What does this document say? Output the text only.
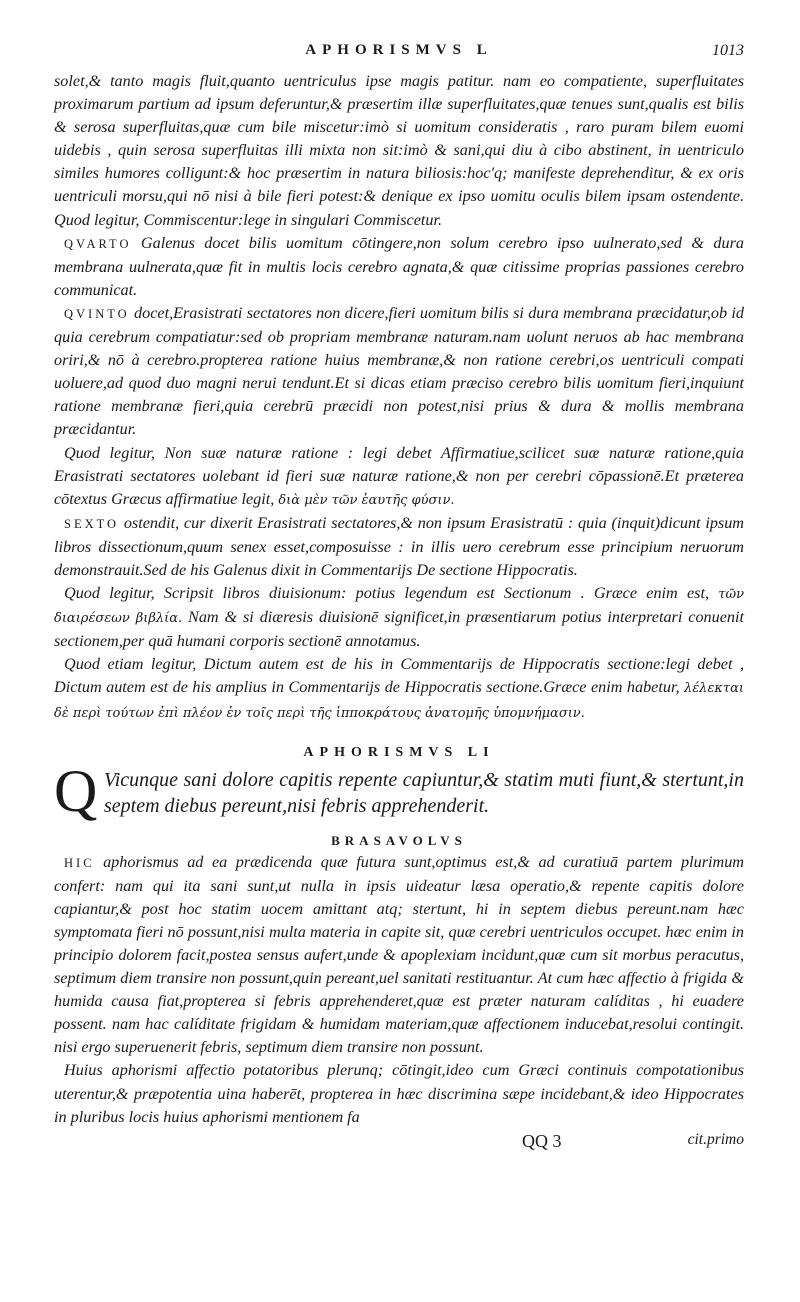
APHORISMVS L	1013

solet,& tanto magis fluit,quanto uentriculus ipse magis patitur. nam eo compatiente, superfluitates proximarum partium ad ipsum deferuntur,& præsertim illæ superfluitates,quæ tenues sunt,qualis est bilis & serosa superfluitas,quæ cum bile miscetur:imò si uomitum consideratis , raro puram bilem euomi uidebis , quin serosa superfluitas illi mixta non sit:imò & sani,qui diu à cibo abstinent, in uentriculo similes humores colligunt:& hoc præsertim in natura biliosis:hoc'q; manifeste deprehenditur, & ex oris uentriculi morsu,qui nō nisi à bile fieri potest:& denique ex ipso uomitu oculis bilem ipsam ostendente. Quod legitur, Commiscentur:lege in singulari Commiscetur.

QVARTO Galenus docet bilis uomitum cōtingere,non solum cerebro ipso uulnerato,sed & dura membrana uulnerata,quæ fit in multis locis cerebro agnata,& quæ citissime proprias passiones cerebro communicat.

QVINTO docet,Erasistrati sectatores non dicere,fieri uomitum bilis si dura membrana præcidatur,ob id quia cerebrum compatiatur:sed ob propriam membranæ naturam.nam uolunt neruos ab hac membrana oriri,& nō à cerebro.propterea ratione huius membranæ,& non ratione cerebri,os uentriculi compati uoluere,ad quod duo magni nerui tendunt.Et si dicas etiam præciso cerebro bilis uomitum fieri,inquiunt ratione membranæ fieri,quia cerebrū præcidi non potest,nisi prius & dura & mollis membrana præcidantur.

Quod legitur, Non suæ naturæ ratione : legi debet Affirmatiue,scilicet suæ naturæ ratione,quia Erasistrati sectatores uolebant id fieri suæ naturæ ratione,& non per cerebri cōpassionē.Et præterea cōtextus Græcus affirmatiue legit, διὰ μὲν τῶν ἑαυτῆς φύσιν.

SEXTO ostendit, cur dixerit Erasistrati sectatores,& non ipsum Erasistratū : quia (inquit)dicunt ipsum libros dissectionum,quum senex esset,composuisse : in illis uero cerebrum esse principium neruorum demonstrauit.Sed de his Galenus dixit in Commentarijs De sectione Hippocratis.

Quod legitur, Scripsit libros diuisionum: potius legendum est Sectionum . Græce enim est, τῶν διαιρέσεων βιβλία. Nam & si diæresis diuisionē significet,in præsentiarum potius interpretari conuenit sectionem,per quā humani corporis sectionē annotamus.

Quod etiam legitur, Dictum autem est de his in Commentarijs de Hippocratis sectione:legi debet , Dictum autem est de his amplius in Commentarijs de Hippocratis sectione.Græce enim habetur, λέλεκται δὲ περὶ τούτων ἐπὶ πλέον ἐν τοῖς περὶ τῆς ἱπποκράτους ἀνατομῆς ὑπομνήμασιν.

APHORISMVS LI
Q Vicunque sani dolore capitis repente capiuntur,& statim muti fiunt,& stertunt,in septem diebus pereunt,nisi febris apprehenderit.

BRASAVOLVS

HIC aphorismus ad ea prædicenda quæ futura sunt,optimus est,& ad curatiuā partem plurimum confert: nam qui ita sani sunt,ut nulla in ipsis uideatur læsa operatio,& repente capitis dolore capiantur,& post hoc statim uocem amittant atq; stertunt, hi in septem diebus pereunt.nam hæc symptomata fieri nō possunt,nisi multa materia in capite sit, quæ cerebri uentriculos occupet. hæc enim in principio dolorem facit,postea sensus aufert,unde & apoplexiam incidunt,quæ cum sit morbus peracutus, septimum diem transire non possunt,quin pereant,uel sanitati restituantur. At cum hæc affectio à frigida & humida causa fiat,propterea si febris apprehenderet,quæ est præter naturam calíditas , hi euadere possent. nam hac calíditate frigidam & humidam materiam,quæ affectionem inducebat,resolui contingit. nisi ergo superuenerit febris, septimum diem transire non possunt.

Huius aphorismi affectio potatoribus plerunq; cōtingit,ideo cum Græci continuis compotationibus uterentur,& præpotentia uina haberēt, propterea in hæc discrimina sæpe incidebant,& ideo Hippocrates in pluribus locis huius aphorismi mentionem fa

QQ 3	cit.primo
